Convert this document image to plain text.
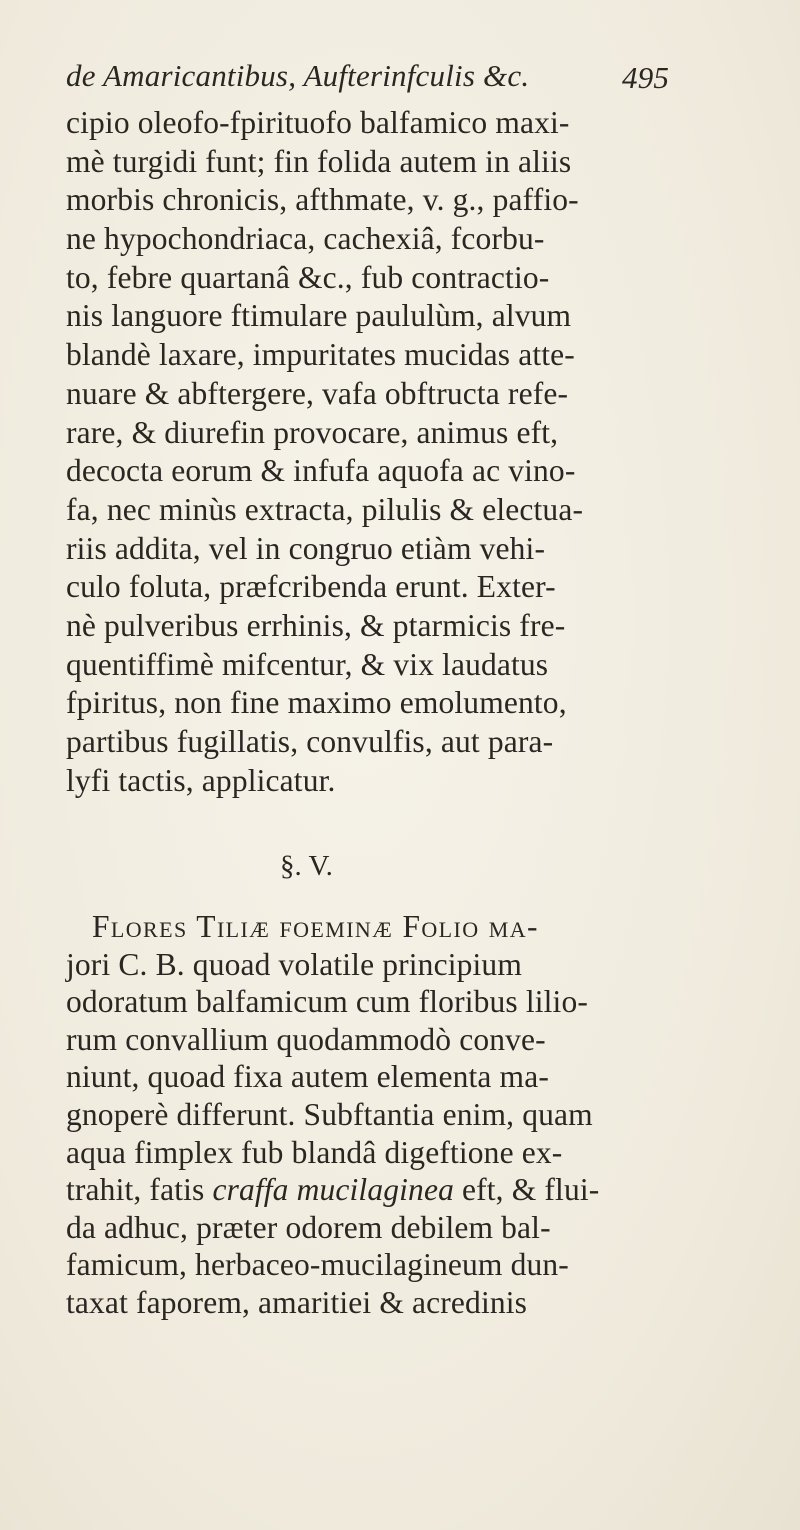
de Amaricantibus, Aufterinfculis &c.	495
cipio oleofo-fpirituofo balfamico maxi-
mè turgidi funt; fin folida autem in aliis
morbis chronicis, afthmate, v. g., paffio-
ne hypochondriaca, cachexiâ, fcorbu-
to, febre quartanâ &c., fub contractio-
nis languore ftimulare paululùm, alvum
blandè laxare, impuritates mucidas atte-
nuare & abftergere, vafa obftructa refe-
rare, & diurefin provocare, animus eft,
decocta eorum & infufa aquofa ac vino-
fa, nec minùs extracta, pilulis & electua-
riis addita, vel in congruo etiàm vehi-
culo foluta, præfcribenda erunt. Exter-
nè pulveribus errhinis, & ptarmicis fre-
quentiffimè mifcentur, & vix laudatus
fpiritus, non fine maximo emolumento,
partibus fugillatis, convulfis, aut para-
lyfi tactis, applicatur.
§. V.
Flores Tiliæ foeminæ Folio ma-
jori C. B. quoad volatile principium
odoratum balfamicum cum floribus lilio-
rum convallium quodammodò conve-
niunt, quoad fixa autem elementa ma-
gnoperè differunt. Subftantia enim, quam
aqua fimplex fub blandâ digeftione ex-
trahit, fatis craffa mucilaginea eft, & flui-
da adhuc, præter odorem debilem bal-
famicum, herbaceo-mucilagineum dun-
taxat faporem, amaritiei & acredinis
